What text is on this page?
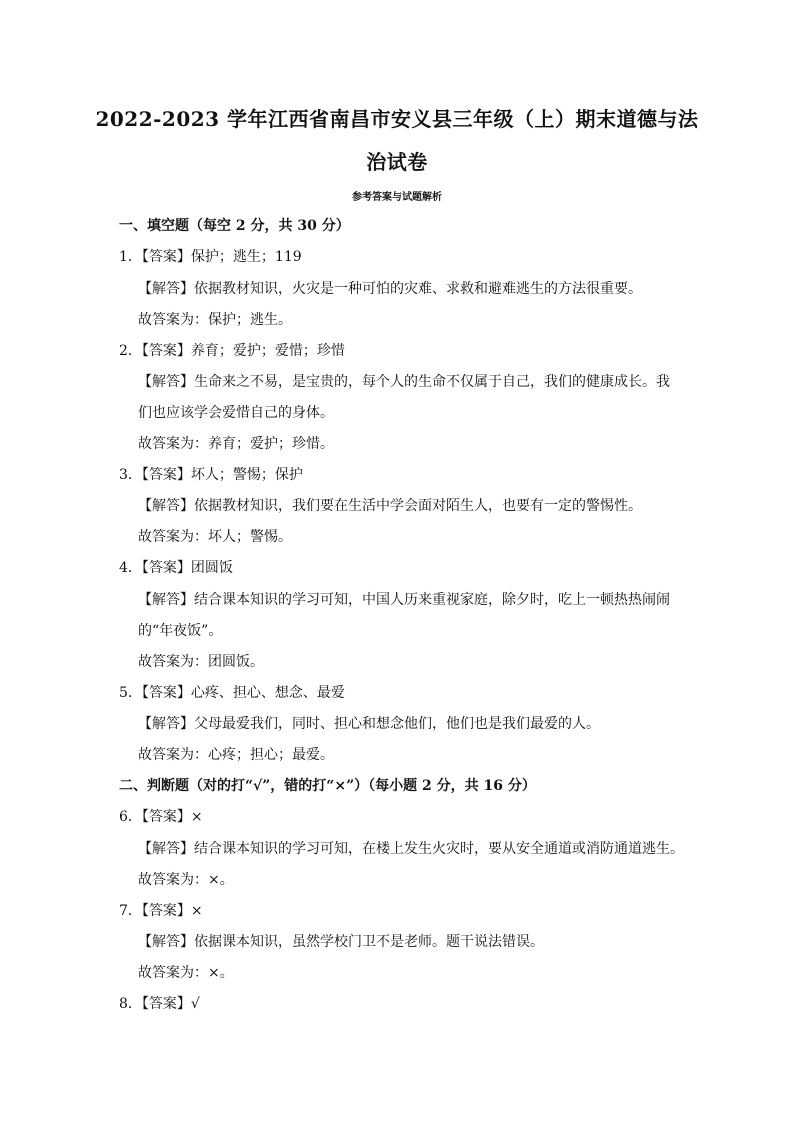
2022-2023 学年江西省南昌市安义县三年级（上）期末道德与法
治试卷
参考答案与试题解析
一、填空题（每空 2 分，共 30 分）
1．【答案】保护；逃生；119
【解答】依据教材知识，火灾是一种可怕的灾难、求救和避难逃生的方法很重要。
故答案为：保护；逃生。
2．【答案】养育；爱护；爱惜；珍惜
【解答】生命来之不易，是宝贵的，每个人的生命不仅属于自己，我们的健康成长。我
们也应该学会爱惜自己的身体。
故答案为：养育；爱护；珍惜。
3．【答案】坏人；警惕；保护
【解答】依据教材知识，我们要在生活中学会面对陌生人，也要有一定的警惕性。
故答案为：坏人；警惕。
4．【答案】团圆饭
【解答】结合课本知识的学习可知，中国人历来重视家庭，除夕时，吃上一顿热热闹闹
的“年夜饭”。
故答案为：团圆饭。
5．【答案】心疼、担心、想念、最爱
【解答】父母最爱我们，同时、担心和想念他们，他们也是我们最爱的人。
故答案为：心疼；担心；最爱。
二、判断题（对的打“√”，错的打“×”）（每小题 2 分，共 16 分）
6．【答案】×
【解答】结合课本知识的学习可知，在楼上发生火灾时，要从安全通道或消防通道逃生。
故答案为：×。
7．【答案】×
【解答】依据课本知识，虽然学校门卫不是老师。题干说法错误。
故答案为：×。
8．【答案】√
